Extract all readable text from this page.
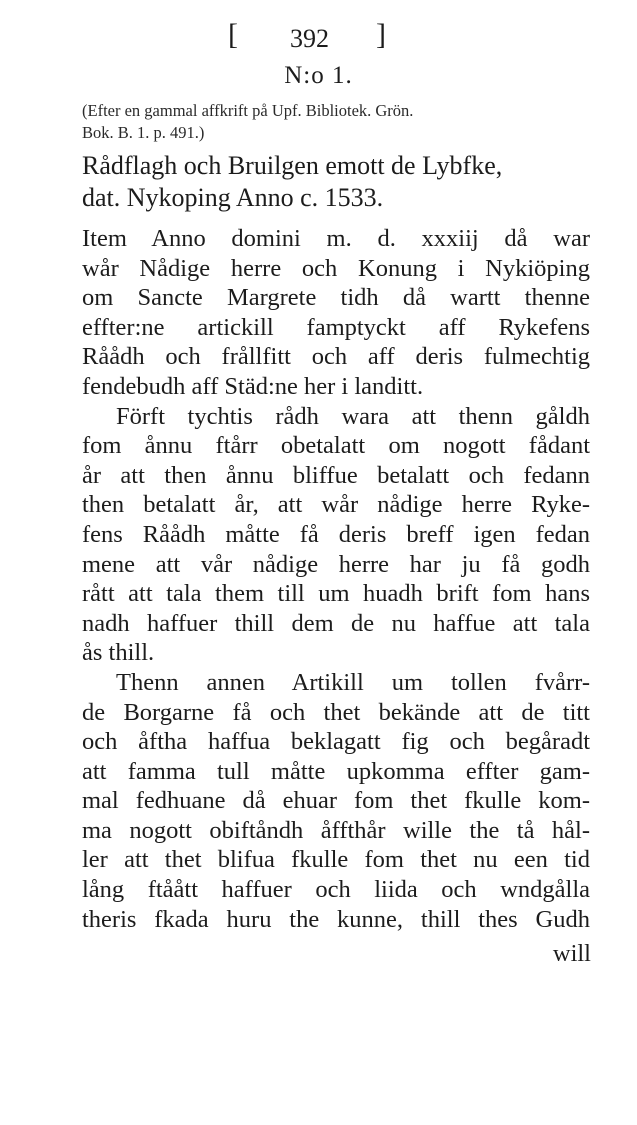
[ 392 ]
N:o 1.
(Efter en gammal affkrift på Upf. Bibliotek. Grön.
Bok. B. 1. p. 491.)
Rådflagh och Bruilgen emott de Lybfke,
dat. Nykoping Anno c. 1533.
Item Anno domini m. d. xxxiij då war
wår Nådige herre och Konung i Nykiöping
om Sancte Margrete tidh då wartt thenne
effter:ne artickill famptyckt aff Rykefens
Råådh och frållfitt och aff deris fulmechtig
fendebudh aff Städ:ne her i landitt.
Förft tychtis rådh wara att thenn gåldh
fom ånnu ftårr obetalatt om nogott fådant
år att then ånnu bliffue betalatt och fedann
then betalatt år, att wår nådige herre Ryke-
fens Råådh måtte få deris breff igen fedan
mene att vår nådige herre har ju få godh
rått att tala them till um huadh brift fom hans
nadh haffuer thill dem de nu haffue att tala
ås thill.
Thenn annen Artikill um tollen fvårr-
de Borgarne få och thet bekände att de titt
och åftha haffua beklagatt fig och begåradt
att famma tull måtte upkomma effter gam-
mal fedhuane då ehuar fom thet fkulle kom-
ma nogott obiftåndh åffthår wille the tå hål-
ler att thet blifua fkulle fom thet nu een tid
lång ftåått haffuer och liida och wndgålla
theris fkada huru the kunne, thill thes Gudh
will
